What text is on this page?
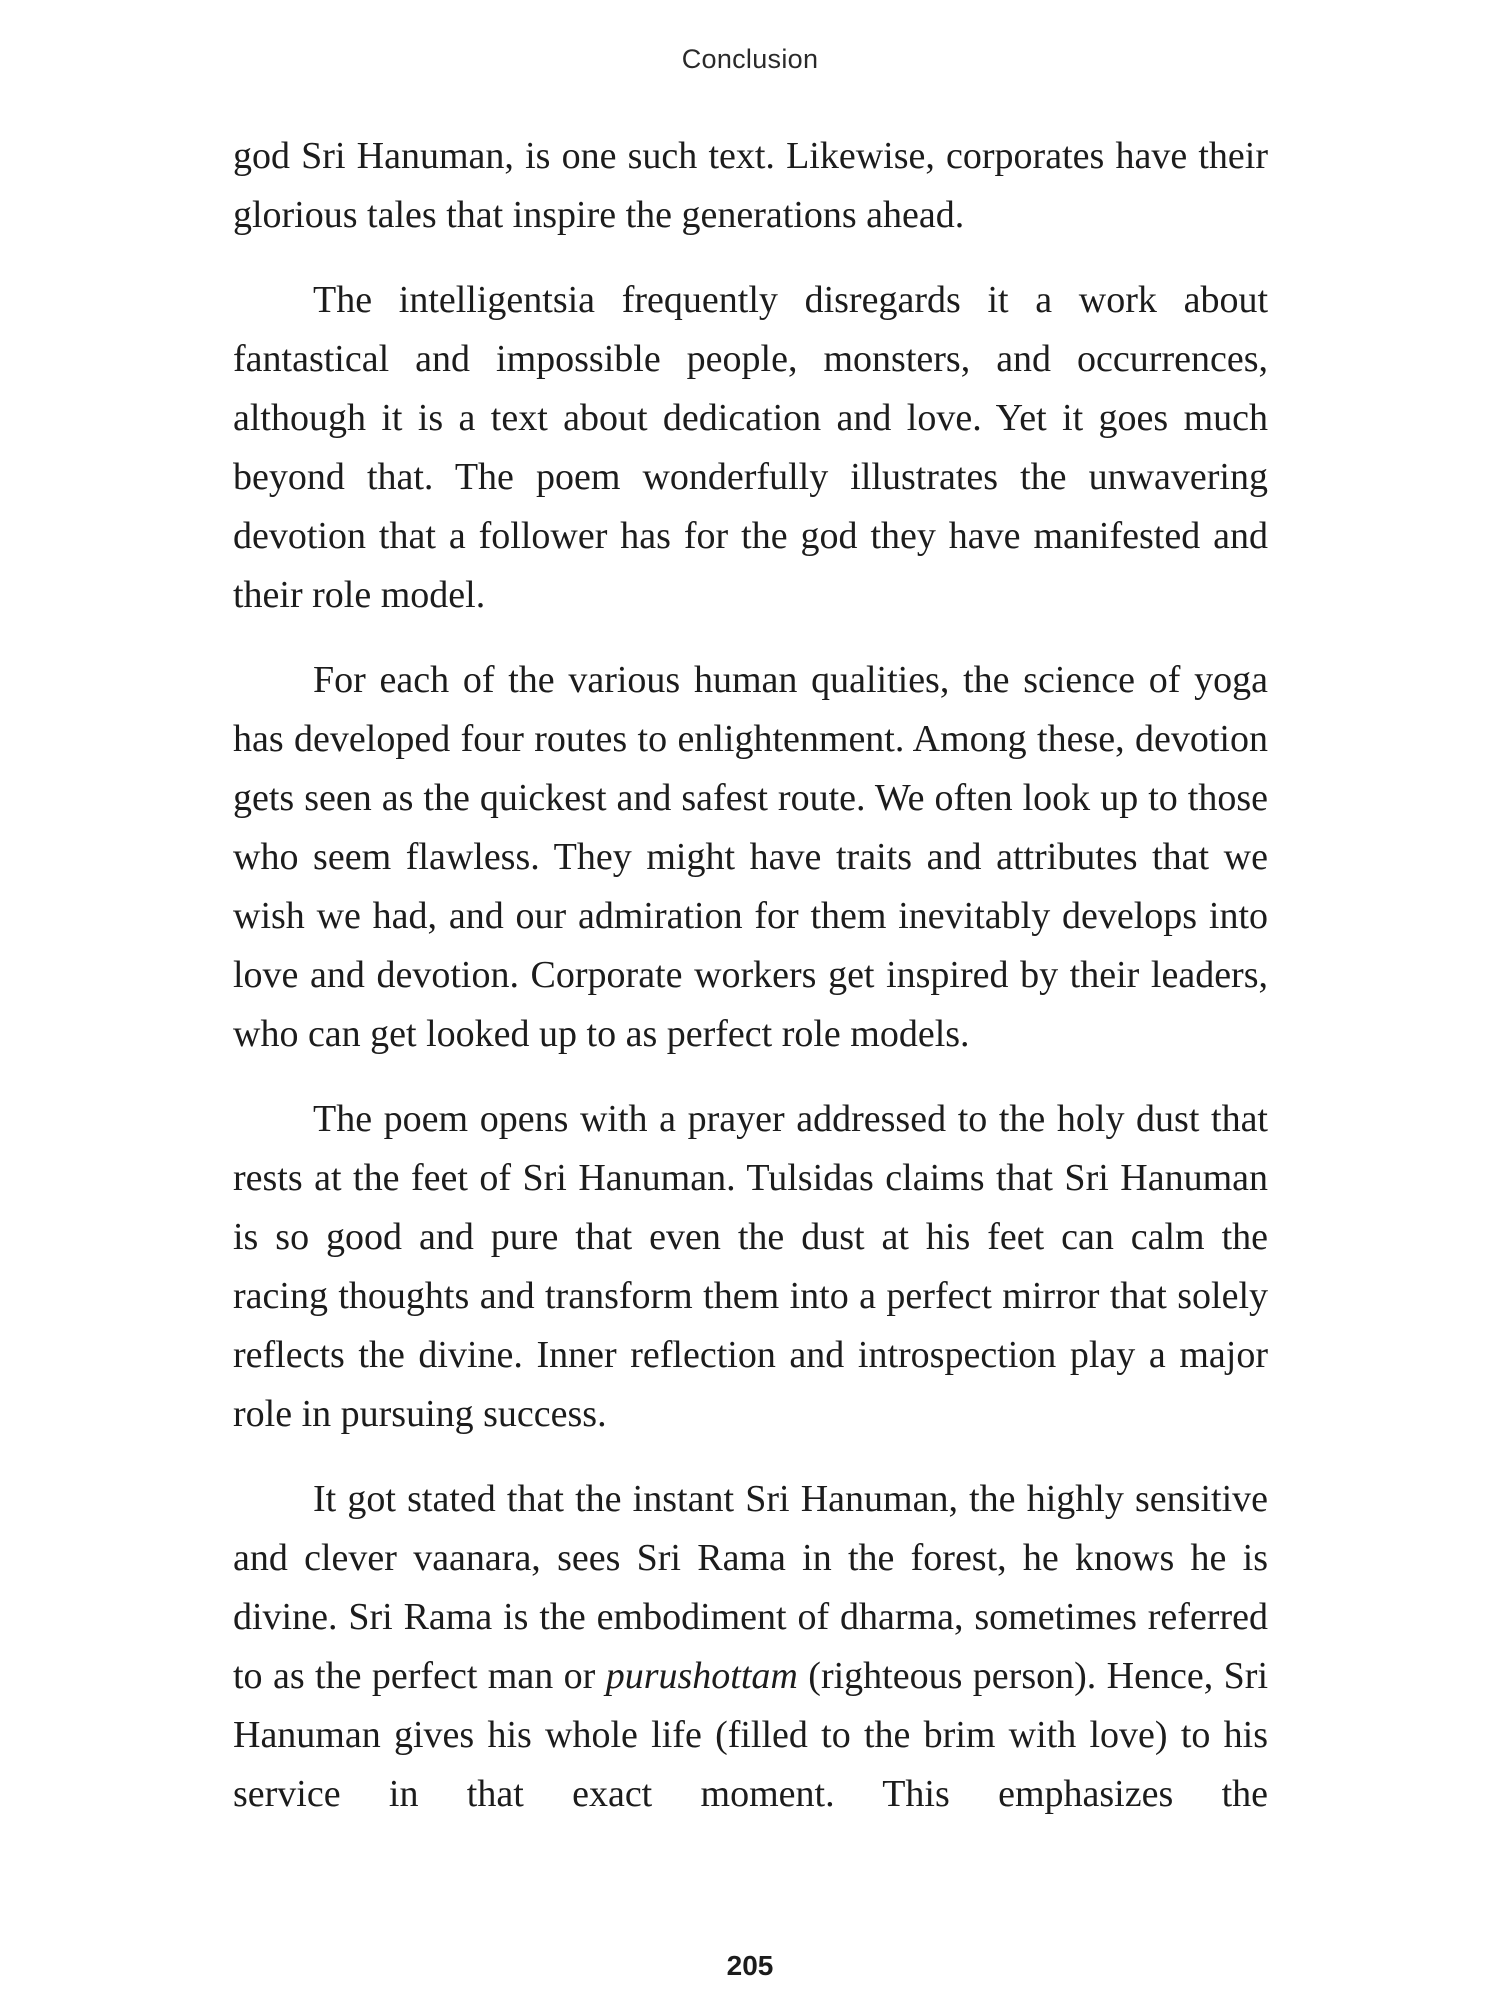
Conclusion

god Sri Hanuman, is one such text. Likewise, corporates have their glorious tales that inspire the generations ahead.

The intelligentsia frequently disregards it a work about fantastical and impossible people, monsters, and occurrences, although it is a text about dedication and love. Yet it goes much beyond that. The poem wonderfully illustrates the unwavering devotion that a follower has for the god they have manifested and their role model.

For each of the various human qualities, the science of yoga has developed four routes to enlightenment. Among these, devotion gets seen as the quickest and safest route. We often look up to those who seem flawless. They might have traits and attributes that we wish we had, and our admiration for them inevitably develops into love and devotion. Corporate workers get inspired by their leaders, who can get looked up to as perfect role models.

The poem opens with a prayer addressed to the holy dust that rests at the feet of Sri Hanuman. Tulsidas claims that Sri Hanuman is so good and pure that even the dust at his feet can calm the racing thoughts and transform them into a perfect mirror that solely reflects the divine. Inner reflection and introspection play a major role in pursuing success.

It got stated that the instant Sri Hanuman, the highly sensitive and clever vaanara, sees Sri Rama in the forest, he knows he is divine. Sri Rama is the embodiment of dharma, sometimes referred to as the perfect man or purushottam (righteous person). Hence, Sri Hanuman gives his whole life (filled to the brim with love) to his service in that exact moment. This emphasizes the

205
